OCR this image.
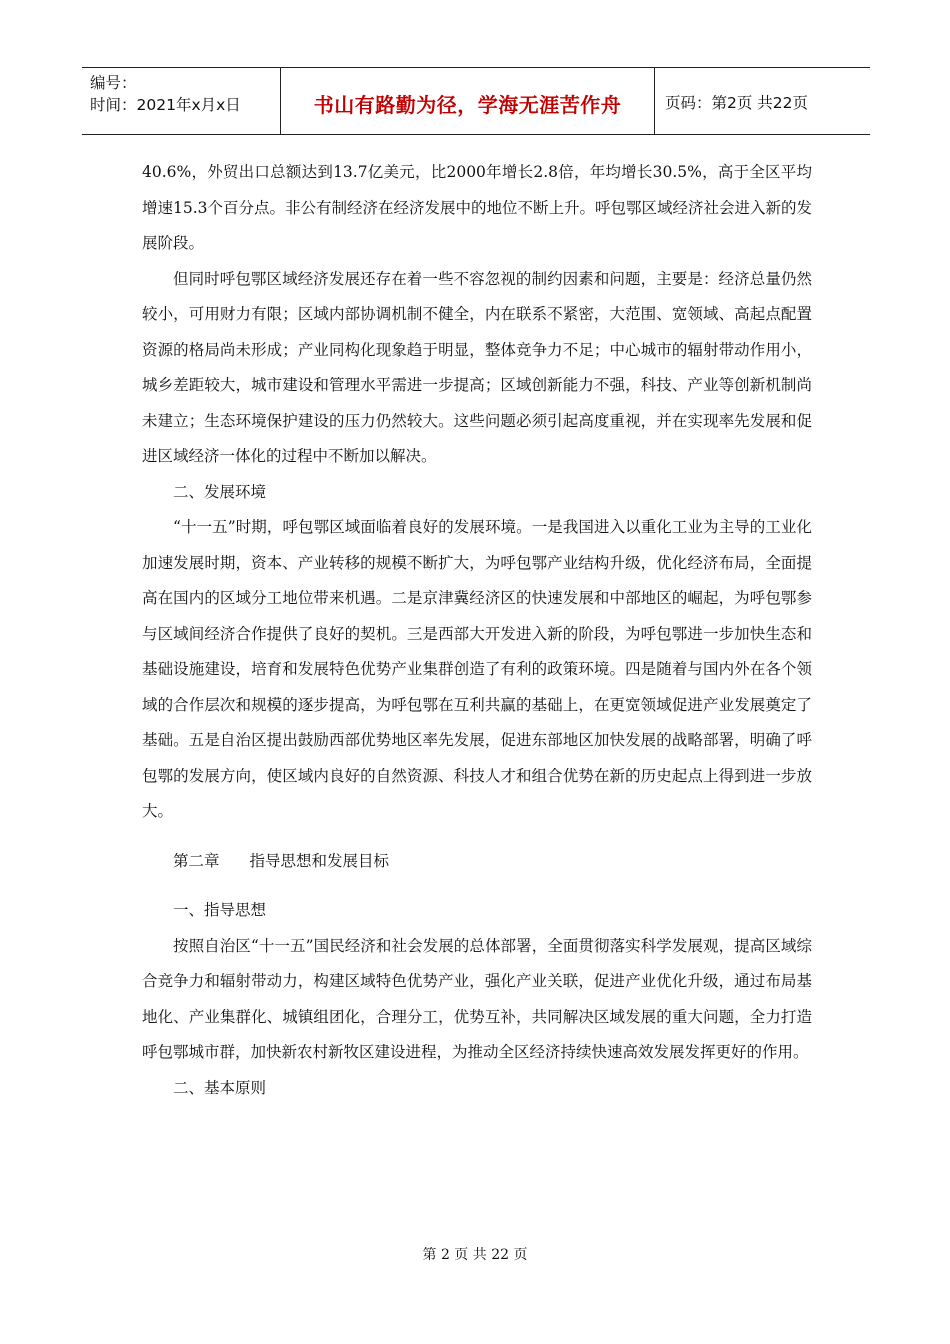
编号：
时间：2021年x月x日	书山有路勤为径，学海无涯苦作舟	页码：第2页 共22页

40.6%，外贸出口总额达到13.7亿美元，比2000年增长2.8倍，年均增长30.5%，高于全区平均增速15.3个百分点。非公有制经济在经济发展中的地位不断上升。呼包鄂区域经济社会进入新的发展阶段。

但同时呼包鄂区域经济发展还存在着一些不容忽视的制约因素和问题，主要是：经济总量仍然较小，可用财力有限；区域内部协调机制不健全，内在联系不紧密，大范围、宽领域、高起点配置资源的格局尚未形成；产业同构化现象趋于明显，整体竞争力不足；中心城市的辐射带动作用小，城乡差距较大，城市建设和管理水平需进一步提高；区域创新能力不强，科技、产业等创新机制尚未建立；生态环境保护建设的压力仍然较大。这些问题必须引起高度重视，并在实现率先发展和促进区域经济一体化的过程中不断加以解决。

二、发展环境

“十一五”时期，呼包鄂区域面临着良好的发展环境。一是我国进入以重化工业为主导的工业化加速发展时期，资本、产业转移的规模不断扩大，为呼包鄂产业结构升级，优化经济布局，全面提高在国内的区域分工地位带来机遇。二是京津冀经济区的快速发展和中部地区的崛起，为呼包鄂参与区域间经济合作提供了良好的契机。三是西部大开发进入新的阶段，为呼包鄂进一步加快生态和基础设施建设，培育和发展特色优势产业集群创造了有利的政策环境。四是随着与国内外在各个领域的合作层次和规模的逐步提高，为呼包鄂在互利共赢的基础上，在更宽领域促进产业发展奠定了基础。五是自治区提出鼓励西部优势地区率先发展，促进东部地区加快发展的战略部署，明确了呼包鄂的发展方向，使区域内良好的自然资源、科技人才和组合优势在新的历史起点上得到进一步放大。

第二章 指导思想和发展目标

一、指导思想

按照自治区“十一五”国民经济和社会发展的总体部署，全面贯彻落实科学发展观，提高区域综合竞争力和辐射带动力，构建区域特色优势产业，强化产业关联，促进产业优化升级，通过布局基地化、产业集群化、城镇组团化，合理分工，优势互补，共同解决区域发展的重大问题，全力打造呼包鄂城市群，加快新农村新牧区建设进程，为推动全区经济持续快速高效发展发挥更好的作用。

二、基本原则

第 2 页 共 22 页
